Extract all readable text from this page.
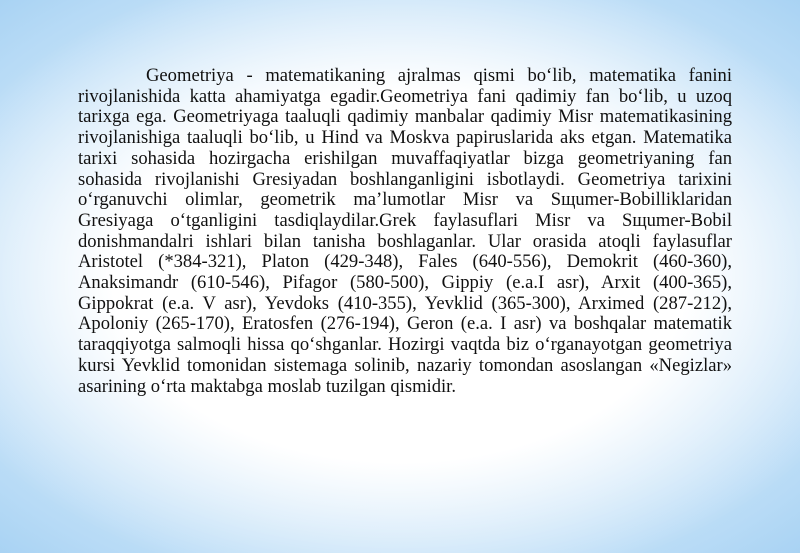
Geometriya - matematikaning ajralmas qismi bo‘lib, matematika fanini rivojlanishida katta ahamiyatga egadir.Geometriya fani qadimiy fan bo‘lib, u uzoq tarixga ega. Geometriyaga taaluqli qadimiy manbalar qadimiy Misr matematikasining rivojlanishiga taaluqli bo‘lib, u Hind va Moskva papiruslarida aks etgan. Matematika tarixi sohasida hozirgacha erishilgan muvaffaqiyatlar bizga geometriyaning fan sohasida rivojlanishi Gresiyadan boshlanganligini isbotlaydi. Geometriya tarixini o‘rganuvchi olimlar, geometrik ma’lumotlar Misr va Sщumer-Bobilliklaridan Gresiyaga o‘tganligini tasdiqlaydilar.Grek faylasuflari Misr va Sщumer-Bobil donishmandalri ishlari bilan tanisha boshlaganlar. Ular orasida atoqli faylasuflar Aristotel (*384-321), Platon (429-348), Fales (640-556), Demokrit (460-360), Anaksimandr (610-546), Pifagor (580-500), Gippiy (e.a.I asr), Arxit (400-365), Gippokrat (e.a. V asr), Yevdoks (410-355), Yevklid (365-300), Arximed (287-212), Apoloniy (265-170), Eratosfen (276-194), Geron (e.a. I asr) va boshqalar matematik taraqqiyotga salmoqli hissa qo‘shganlar. Hozirgi vaqtda biz o‘rganayotgan geometriya kursi Yevklid tomonidan sistemaga solinib, nazariy tomondan asoslangan «Negizlar» asarining o‘rta maktabga moslab tuzilgan qismidir.
